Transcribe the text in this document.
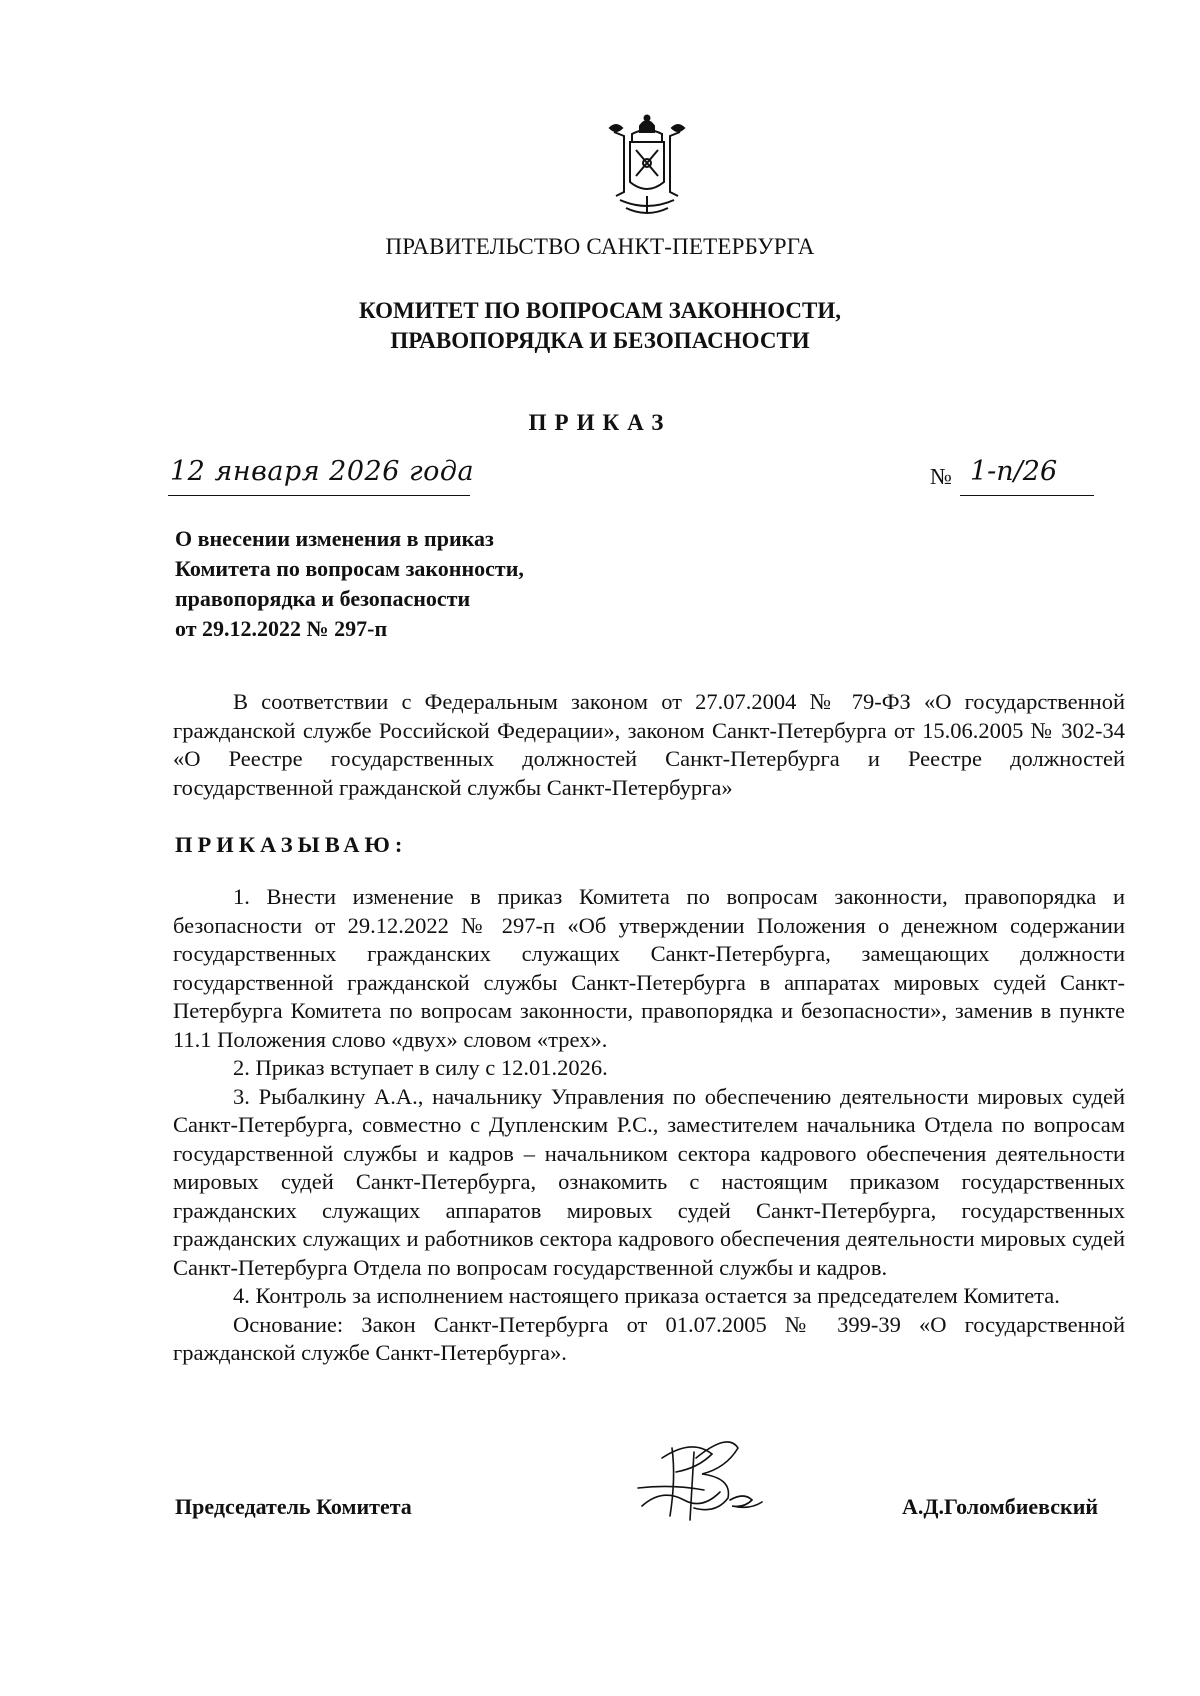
ПРАВИТЕЛЬСТВО САНКТ-ПЕТЕРБУРГА
КОМИТЕТ ПО ВОПРОСАМ ЗАКОННОСТИ,
ПРАВОПОРЯДКА И БЕЗОПАСНОСТИ
ПРИКАЗ
12 января 2026 года	№ 1-п/26
О внесении изменения в приказ
Комитета по вопросам законности,
правопорядка и безопасности
от 29.12.2022 № 297-п
В соответствии с Федеральным законом от 27.07.2004 № 79-ФЗ «О государственной гражданской службе Российской Федерации», законом Санкт-Петербурга от 15.06.2005 № 302-34 «О Реестре государственных должностей Санкт-Петербурга и Реестре должностей государственной гражданской службы Санкт-Петербурга»
ПРИКАЗЫВАЮ:

1. Внести изменение в приказ Комитета по вопросам законности, правопорядка и безопасности от 29.12.2022 № 297-п «Об утверждении Положения о денежном содержании государственных гражданских служащих Санкт-Петербурга, замещающих должности государственной гражданской службы Санкт-Петербурга в аппаратах мировых судей Санкт-Петербурга Комитета по вопросам законности, правопорядка и безопасности», заменив в пункте 11.1 Положения слово «двух» словом «трех».

2. Приказ вступает в силу с 12.01.2026.

3. Рыбалкину А.А., начальнику Управления по обеспечению деятельности мировых судей Санкт-Петербурга, совместно с Дупленским Р.С., заместителем начальника Отдела по вопросам государственной службы и кадров – начальником сектора кадрового обеспечения деятельности мировых судей Санкт-Петербурга, ознакомить с настоящим приказом государственных гражданских служащих аппаратов мировых судей Санкт-Петербурга, государственных гражданских служащих и работников сектора кадрового обеспечения деятельности мировых судей Санкт-Петербурга Отдела по вопросам государственной службы и кадров.

4. Контроль за исполнением настоящего приказа остается за председателем Комитета.

Основание: Закон Санкт-Петербурга от 01.07.2005 № 399-39 «О государственной гражданской службе Санкт-Петербурга».

Председатель Комитета	А.Д.Голомбиевский
